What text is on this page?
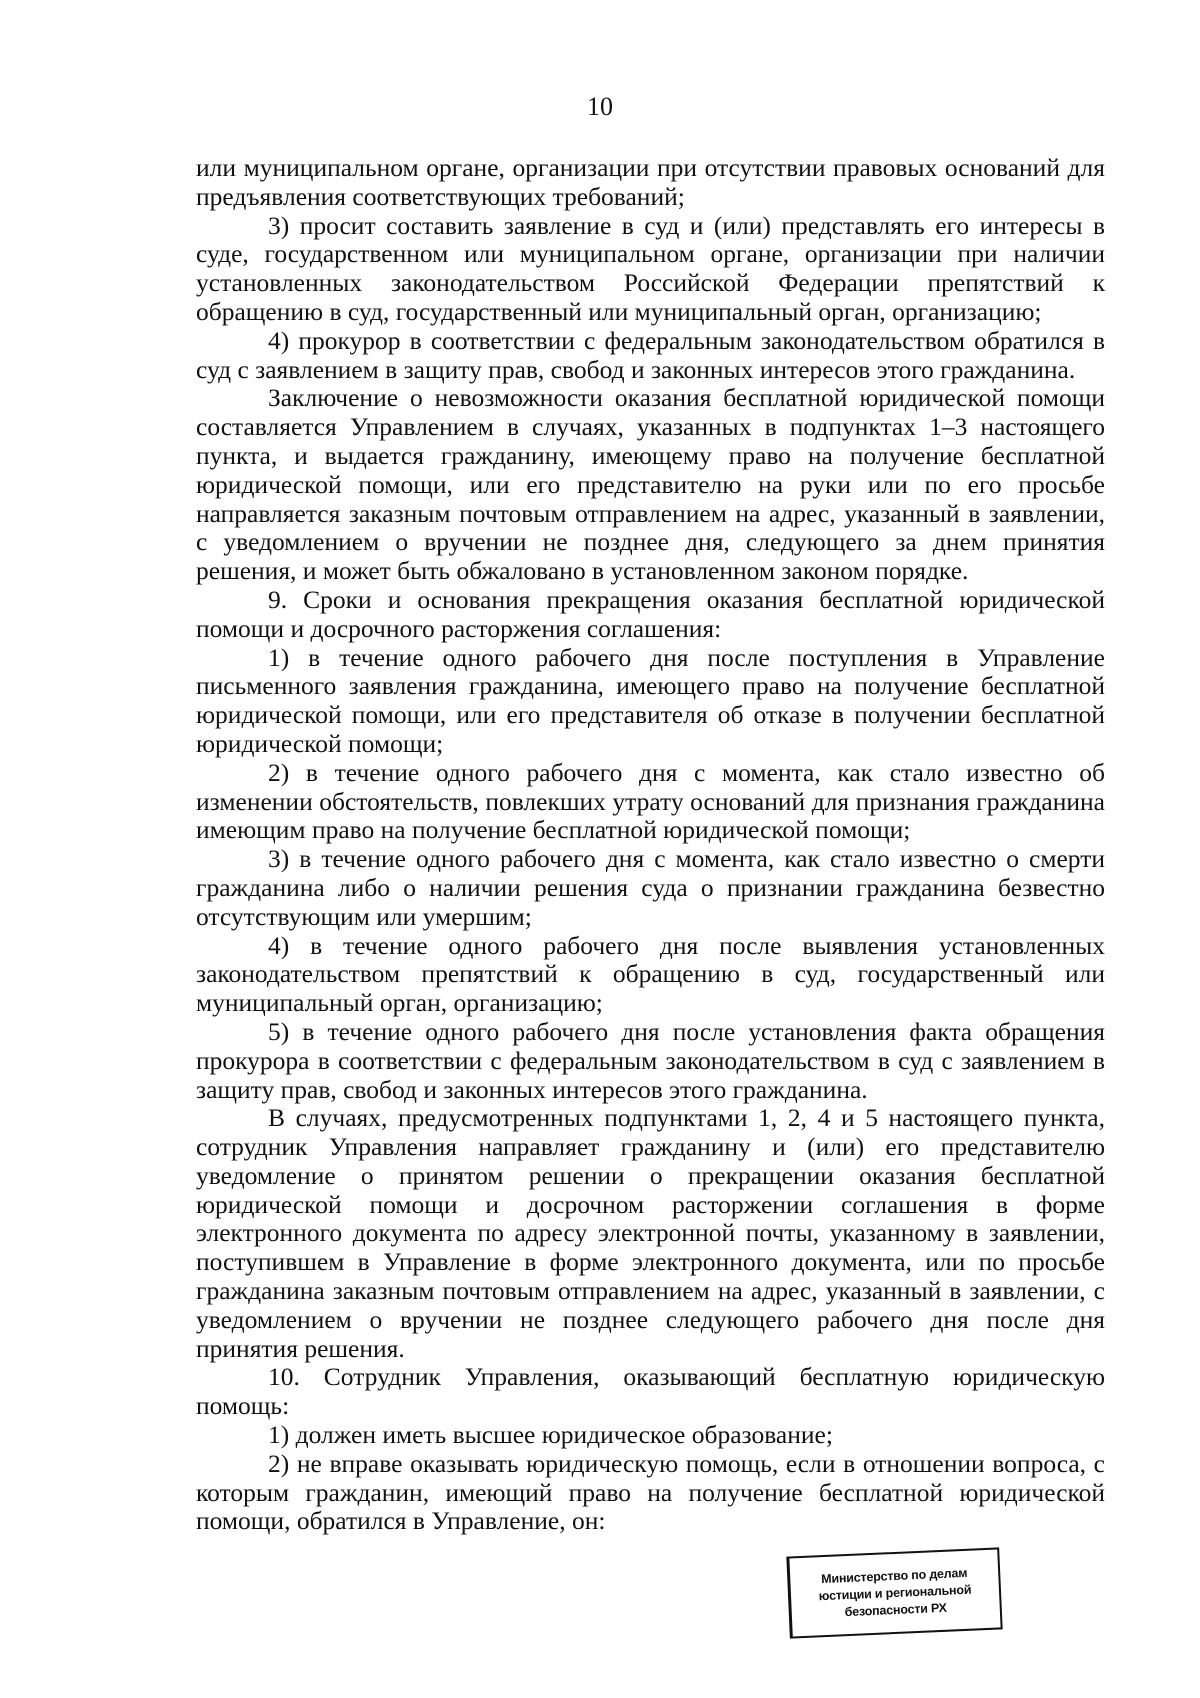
10

или муниципальном органе, организации при отсутствии правовых оснований для предъявления соответствующих требований;

3) просит составить заявление в суд и (или) представлять его интересы в суде, государственном или муниципальном органе, организации при наличии установленных законодательством Российской Федерации препятствий к обращению в суд, государственный или муниципальный орган, организацию;

4) прокурор в соответствии с федеральным законодательством обратился в суд с заявлением в защиту прав, свобод и законных интересов этого гражданина.

Заключение о невозможности оказания бесплатной юридической помощи составляется Управлением в случаях, указанных в подпунктах 1–3 настоящего пункта, и выдается гражданину, имеющему право на получение бесплатной юридической помощи, или его представителю на руки или по его просьбе направляется заказным почтовым отправлением на адрес, указанный в заявлении, с уведомлением о вручении не позднее дня, следующего за днем принятия решения, и может быть обжаловано в установленном законом порядке.

9. Сроки и основания прекращения оказания бесплатной юридической помощи и досрочного расторжения соглашения:

1) в течение одного рабочего дня после поступления в Управление письменного заявления гражданина, имеющего право на получение бесплатной юридической помощи, или его представителя об отказе в получении бесплатной юридической помощи;

2) в течение одного рабочего дня с момента, как стало известно об изменении обстоятельств, повлекших утрату оснований для признания гражданина имеющим право на получение бесплатной юридической помощи;

3) в течение одного рабочего дня с момента, как стало известно о смерти гражданина либо о наличии решения суда о признании гражданина безвестно отсутствующим или умершим;

4) в течение одного рабочего дня после выявления установленных законодательством препятствий к обращению в суд, государственный или муниципальный орган, организацию;

5) в течение одного рабочего дня после установления факта обращения прокурора в соответствии с федеральным законодательством в суд с заявлением в защиту прав, свобод и законных интересов этого гражданина.

В случаях, предусмотренных подпунктами 1, 2, 4 и 5 настоящего пункта, сотрудник Управления направляет гражданину и (или) его представителю уведомление о принятом решении о прекращении оказания бесплатной юридической помощи и досрочном расторжении соглашения в форме электронного документа по адресу электронной почты, указанному в заявлении, поступившем в Управление в форме электронного документа, или по просьбе гражданина заказным почтовым отправлением на адрес, указанный в заявлении, с уведомлением о вручении не позднее следующего рабочего дня после дня принятия решения.

10. Сотрудник Управления, оказывающий бесплатную юридическую помощь:

1) должен иметь высшее юридическое образование;

2) не вправе оказывать юридическую помощь, если в отношении вопроса, с которым гражданин, имеющий право на получение бесплатной юридической помощи, обратился в Управление, он:

Министерство по делам
юстиции и региональной
безопасности РХ
